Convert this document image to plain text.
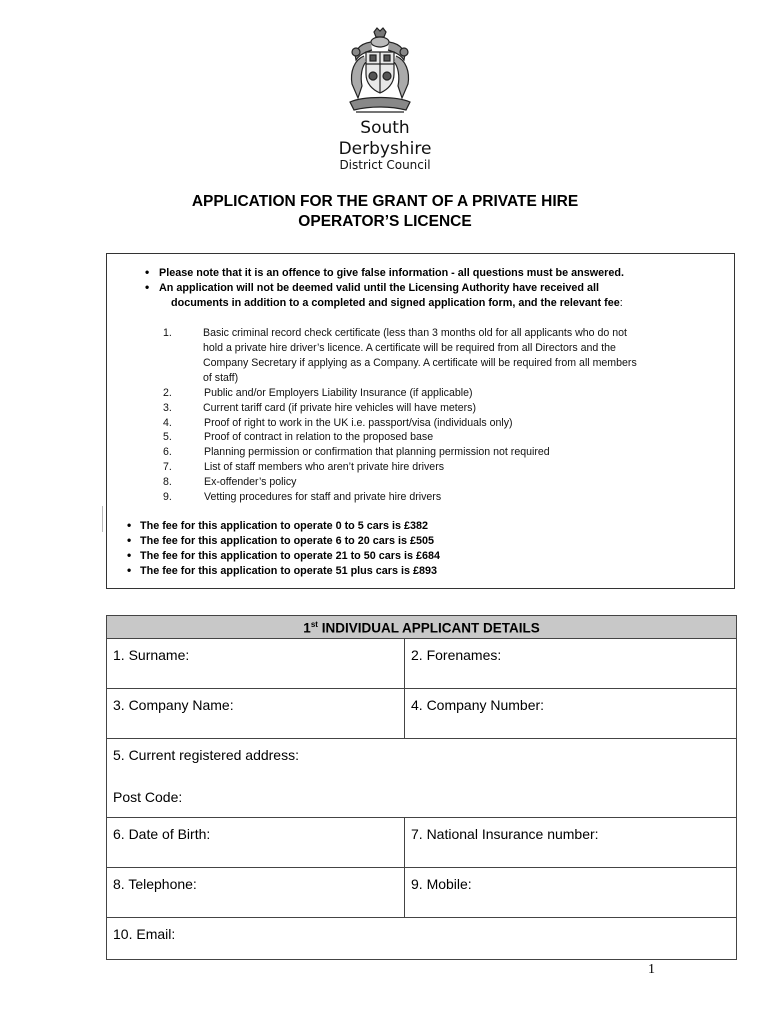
South
Derbyshire
District Council
APPLICATION FOR THE GRANT OF A PRIVATE HIRE
OPERATOR’S LICENCE
• Please note that it is an offence to give false information - all questions must be answered.
• An application will not be deemed valid until the Licensing Authority have received all
documents in addition to a completed and signed application form, and the relevant fee:
1.	Basic criminal record check certificate (less than 3 months old for all applicants who do not
hold a private hire driver’s licence. A certificate will be required from all Directors and the
Company Secretary if applying as a Company. A certificate will be required from all members
of staff)
2.	Public and/or Employers Liability Insurance (if applicable)
3.	Current tariff card (if private hire vehicles will have meters)
4.	Proof of right to work in the UK i.e. passport/visa (individuals only)
5.	Proof of contract in relation to the proposed base
6.	Planning permission or confirmation that planning permission not required
7.	List of staff members who aren’t private hire drivers
8.	Ex-offender’s policy
9.	Vetting procedures for staff and private hire drivers
• The fee for this application to operate 0 to 5 cars is £382
• The fee for this application to operate 6 to 20 cars is £505
• The fee for this application to operate 21 to 50 cars is £684
• The fee for this application to operate 51 plus cars is £893
1st INDIVIDUAL APPLICANT DETAILS	
1. Surname:	2. Forenames:
3. Company Name:	4. Company Number:

5. Current registered address:
Post Code:	

6. Date of Birth:	7. National Insurance number:
8. Telephone:	9. Mobile:
10. Email:	
1
